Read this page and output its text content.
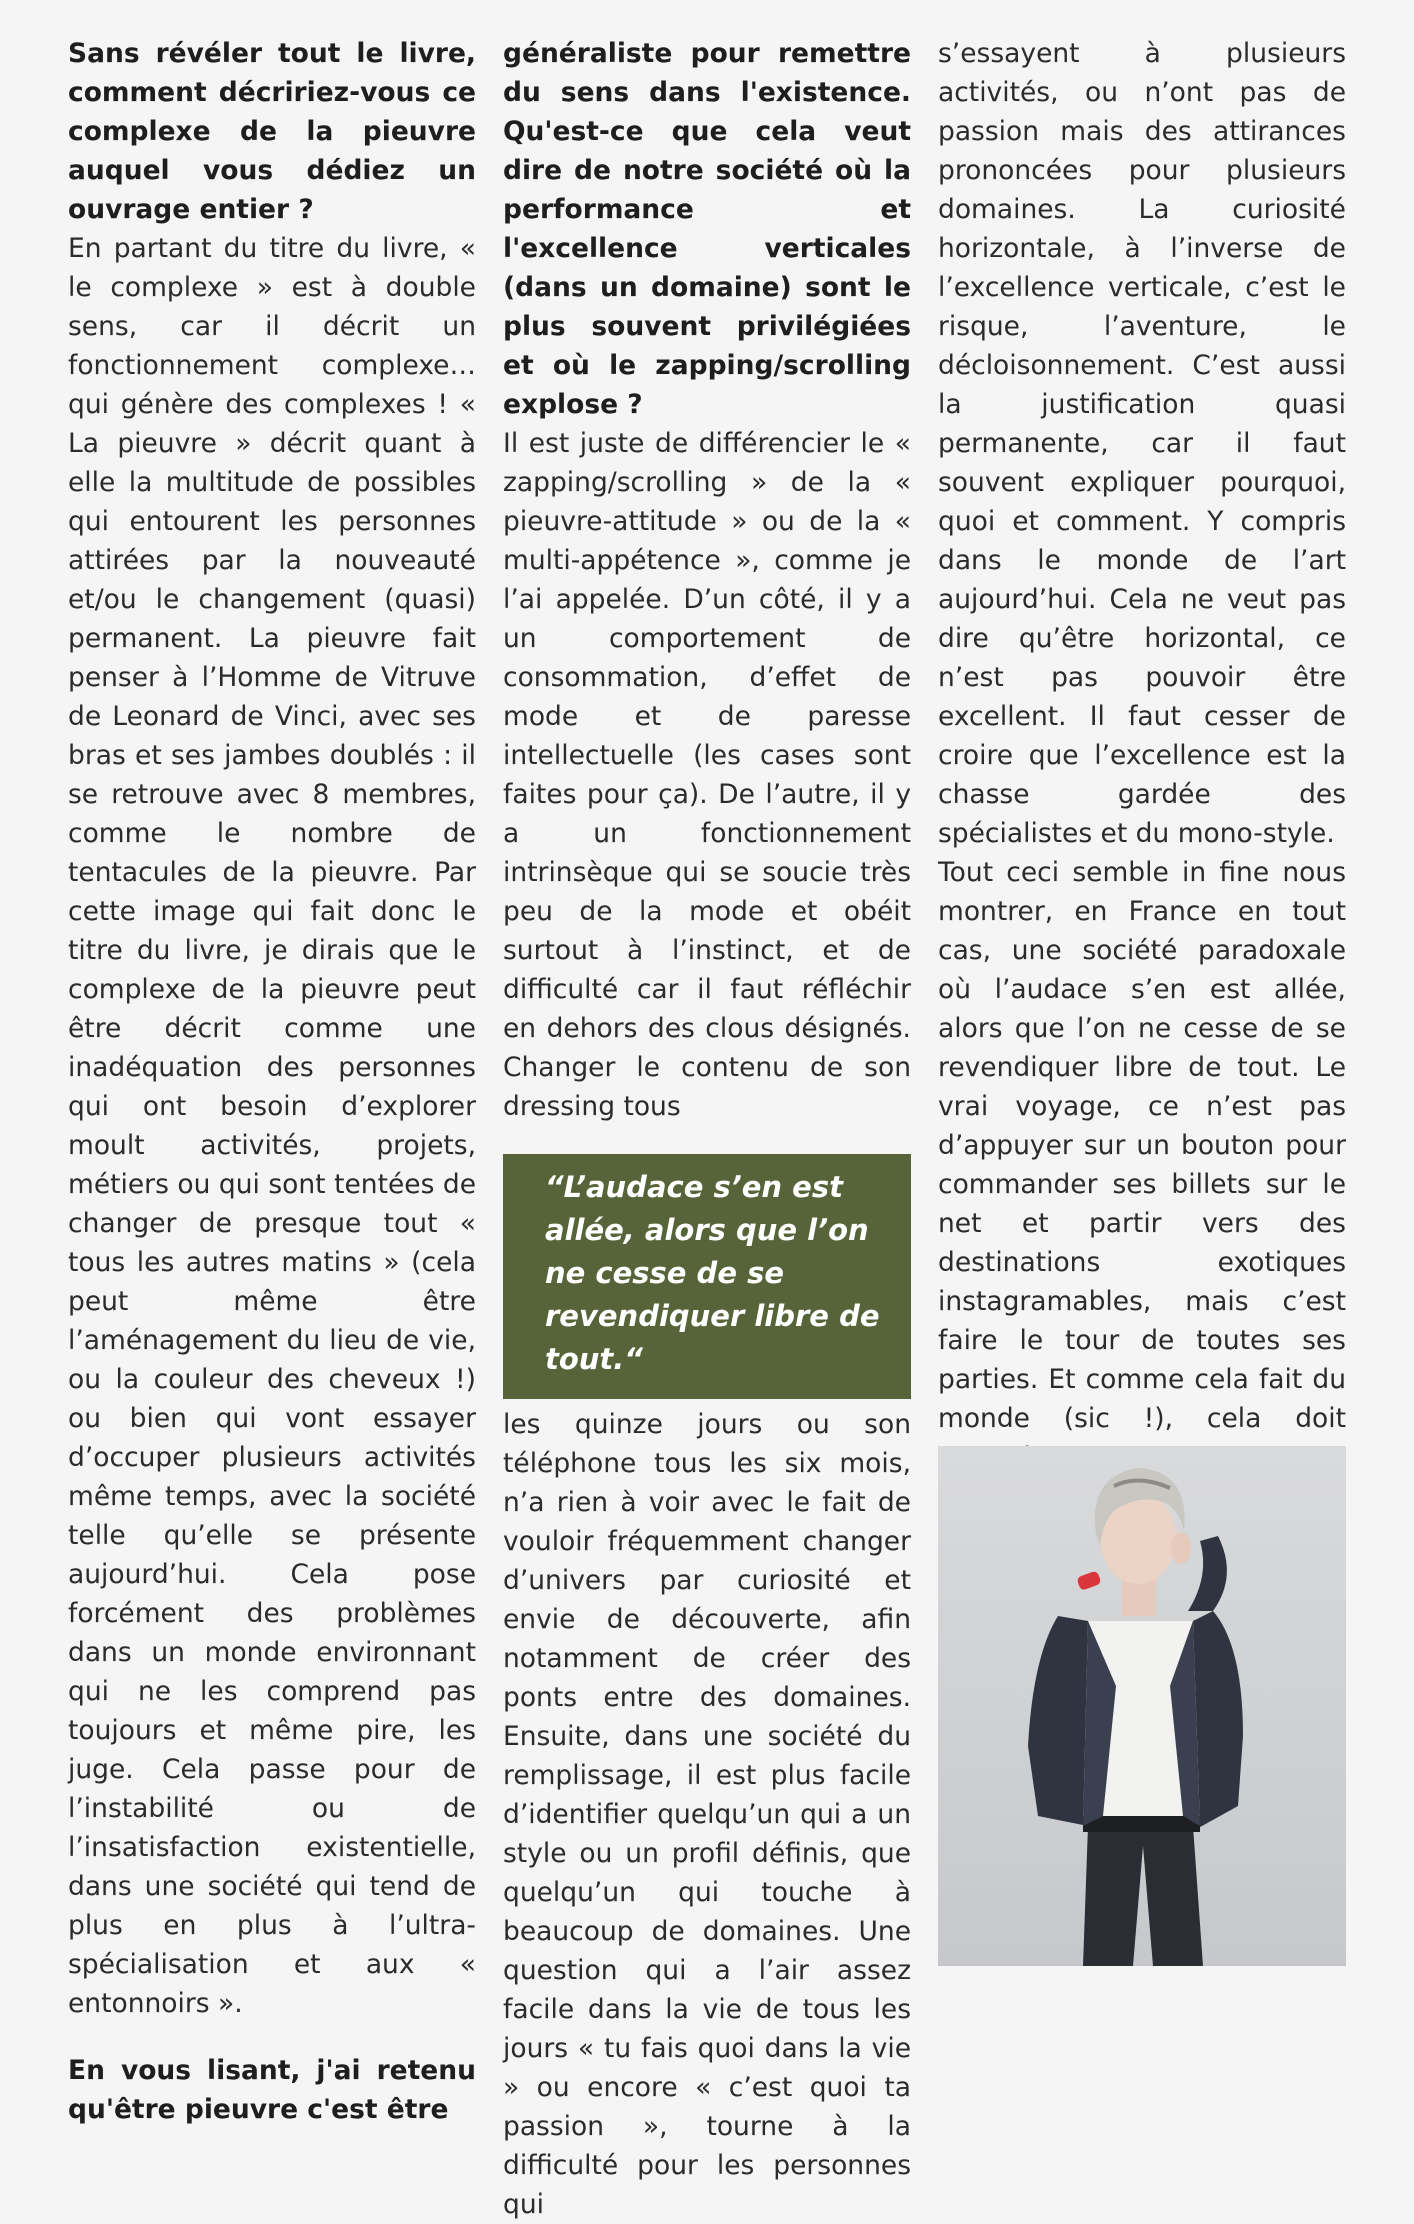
Sans révéler tout le livre, comment décririez-vous ce complexe de la pieuvre auquel vous dédiez un ouvrage entier ?

En partant du titre du livre, « le complexe » est à double sens, car il décrit un fonctionnement complexe… qui génère des complexes ! « La pieuvre » décrit quant à elle la multitude de possibles qui entourent les personnes attirées par la nouveauté et/ou le changement (quasi) permanent. La pieuvre fait penser à l’Homme de Vitruve de Leonard de Vinci, avec ses bras et ses jambes doublés : il se retrouve avec 8 membres, comme le nombre de tentacules de la pieuvre. Par cette image qui fait donc le titre du livre, je dirais que le complexe de la pieuvre peut être décrit comme une inadéquation des personnes qui ont besoin d’explorer moult activités, projets, métiers ou qui sont tentées de changer de presque tout « tous les autres matins » (cela peut même être l’aménagement du lieu de vie, ou la couleur des cheveux !) ou bien qui vont essayer d’occuper plusieurs activités même temps, avec la société telle qu’elle se présente aujourd’hui. Cela pose forcément des problèmes dans un monde environnant qui ne les comprend pas toujours et même pire, les juge. Cela passe pour de l’instabilité ou de l’insatisfaction existentielle, dans une société qui tend de plus en plus à l’ultra-spécialisation et aux « entonnoirs ».

En vous lisant, j'ai retenu qu'être pieuvre c'est être

généraliste pour remettre du sens dans l'existence. Qu'est-ce que cela veut dire de notre société où la performance et l'excellence verticales (dans un domaine) sont le plus souvent privilégiées et où le zapping/scrolling explose ?

Il est juste de différencier le « zapping/scrolling » de la « pieuvre-attitude » ou de la « multi-appétence », comme je l’ai appelée. D’un côté, il y a un comportement de consommation, d’effet de mode et de paresse intellectuelle (les cases sont faites pour ça). De l’autre, il y a un fonctionnement intrinsèque qui se soucie très peu de la mode et obéit surtout à l’instinct, et de difficulté car il faut réfléchir en dehors des clous désignés. Changer le contenu de son dressing tous

“L’audace s’en est allée, alors que l’on ne cesse de se revendiquer libre de tout.“

les quinze jours ou son téléphone tous les six mois, n’a rien à voir avec le fait de vouloir fréquemment changer d’univers par curiosité et envie de découverte, afin notamment de créer des ponts entre des domaines. Ensuite, dans une société du remplissage, il est plus facile d’identifier quelqu’un qui a un style ou un profil définis, que quelqu’un qui touche à beaucoup de domaines. Une question qui a l’air assez facile dans la vie de tous les jours « tu fais quoi dans la vie » ou encore « c’est quoi ta passion », tourne à la difficulté pour les personnes qui

s’essayent à plusieurs activités, ou n’ont pas de passion mais des attirances prononcées pour plusieurs domaines. La curiosité horizontale, à l’inverse de l’excellence verticale, c’est le risque, l’aventure, le décloisonnement. C’est aussi la justification quasi permanente, car il faut souvent expliquer pourquoi, quoi et comment. Y compris dans le monde de l’art aujourd’hui. Cela ne veut pas dire qu’être horizontal, ce n’est pas pouvoir être excellent. Il faut cesser de croire que l’excellence est la chasse gardée des spécialistes et du mono-style.

Tout ceci semble in fine nous montrer, en France en tout cas, une société paradoxale où l’audace s’en est allée, alors que l’on ne cesse de se revendiquer libre de tout. Le vrai voyage, ce n’est pas d’appuyer sur un bouton pour commander ses billets sur le net et partir vers des destinations exotiques instagramables, mais c’est faire le tour de toutes ses parties. Et comme cela fait du monde (sic !), cela doit
